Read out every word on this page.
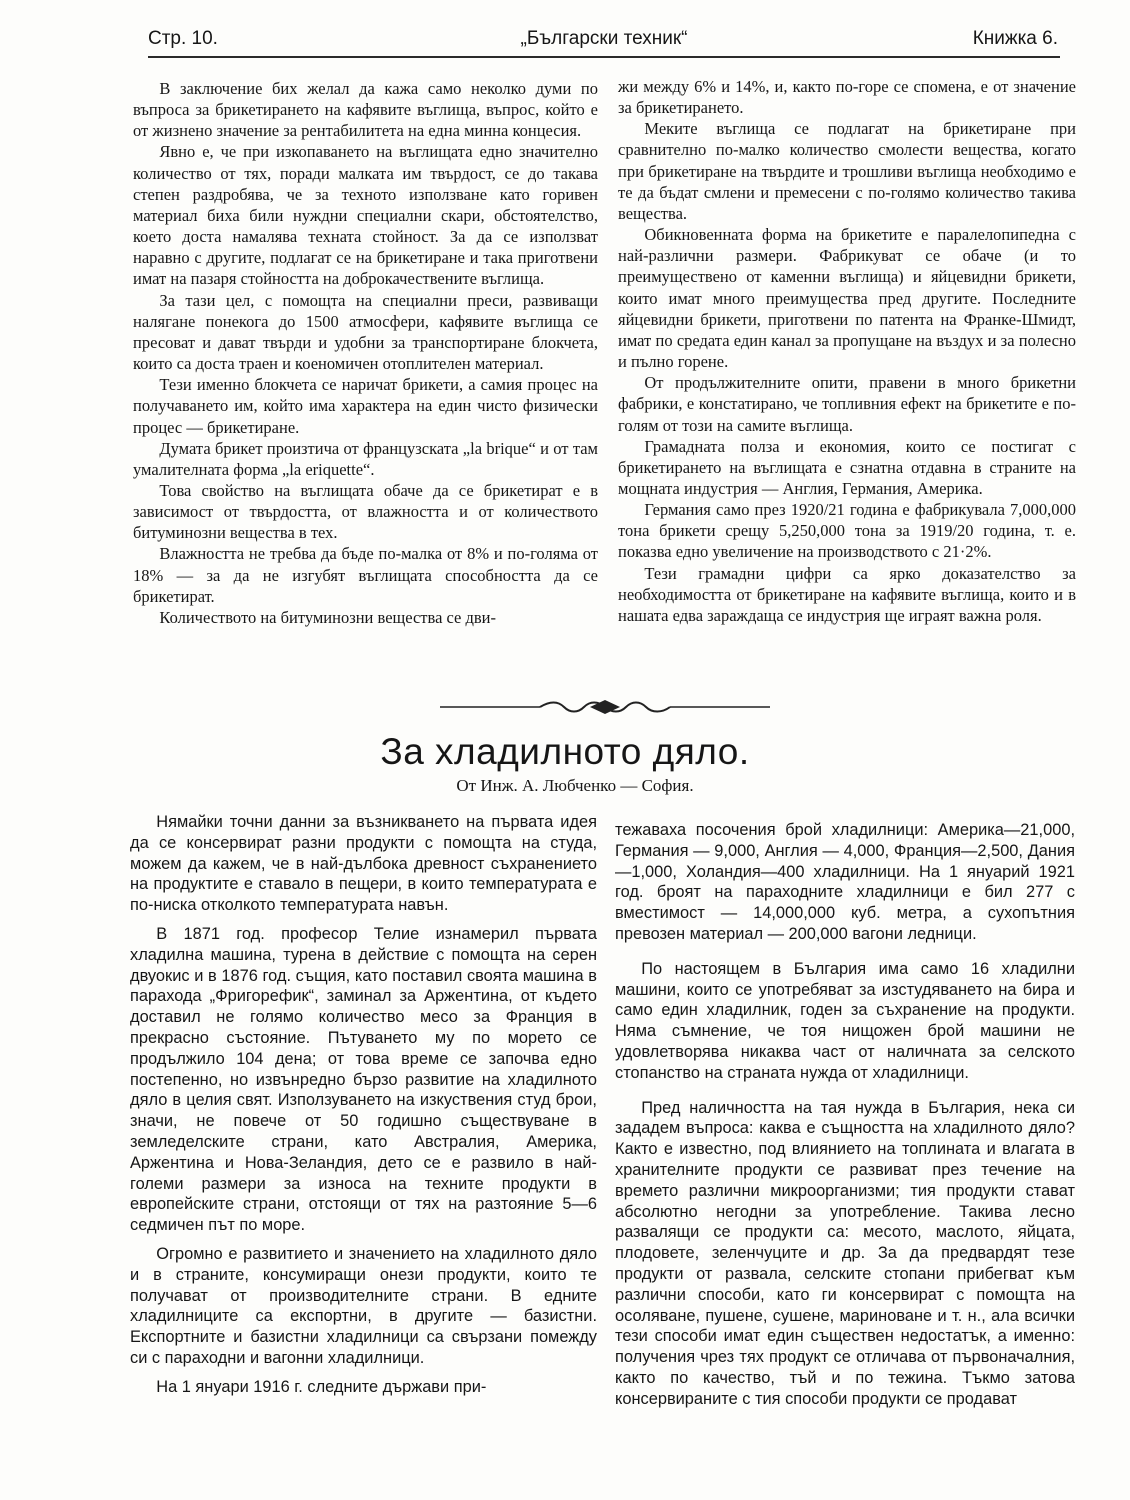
Стр. 10.	„Български техник“	Книжка 6.

В заключение бих желал да кажа само неколко думи по въпроса за брикетирането на кафявите въглища, въпрос, който е от жизнено значение за рентабилитета на една минна концесия.

Явно е, че при изкопаването на въглищата едно значително количество от тях, поради малката им твърдост, се до такава степен раздробява, че за техното използване като горивен материал биха били нуждни специални скари, обстоятелство, което доста намалява техната стойност. За да се използват наравно с другите, подлагат се на брикетиране и така приготвени имат на пазаря стойността на доброкачествените въглища.

За тази цел, с помощта на специални преси, развиващи налягане понекога до 1500 атмосфери, кафявите въглища се пресоват и дават твърди и удобни за транспортиране блокчета, които са доста траен и коеномичен отоплителен материал.

Тези именно блокчета се наричат брикети, а самия процес на получаването им, който има характера на един чисто физически процес — брикетиране.

Думата брикет произтича от французската „la brique“ и от там умалителната форма „la eriquette“.

Това свойство на въглищата обаче да се брикетират е в зависимост от твърдостта, от влажността и от количеството битуминозни вещества в тех.

Влажността не требва да бъде по-малка от 8% и по-голяма от 18% — за да не изгубят въглищата способността да се брикетират.

Количеството на битуминозни вещества се дви-

жи между 6% и 14%, и, както по-горе се спомена, е от значение за брикетирането.

Меките въглища се подлагат на брикетиране при сравнително по-малко количество смолести вещества, когато при брикетиране на твърдите и трошливи въглища необходимо е те да бъдат смлени и премесени с по-голямо количество такива вещества.

Обикновенната форма на брикетите е паралелопипедна с най-различни размери. Фабрикуват се обаче (и то преимуществено от каменни въглища) и яйцевидни брикети, които имат много преимущества пред другите. Последните яйцевидни брикети, приготвени по патента на Франке-Шмидт, имат по средата един канал за пропущане на въздух и за полесно и пълно горене.

От продължителните опити, правени в много брикетни фабрики, е констатирано, че топливния ефект на брикетите е по-голям от този на самите въглища.

Грамадната полза и економия, които се постигат с брикетирането на въглищата е сзнатна отдавна в страните на мощната индустрия — Англия, Германия, Америка.

Германия само през 1920/21 година е фабрикувала 7,000,000 тона брикети срещу 5,250,000 тона за 1919/20 година, т. е. показва едно увеличение на производството с 21·2%.

Тези грамадни цифри са ярко доказателство за необходимостта от брикетиране на кафявите въглища, които и в нашата едва зараждаща се индустрия ще играят важна роля.

За хладилното дяло.
От Инж. А. Любченко — София.

Нямайки точни данни за възникването на първата идея да се консервират разни продукти с помощта на студа, можем да кажем, че в най-дълбока древност съхранението на продуктите е ставало в пещери, в които температурата е по-ниска отколкото температурата навън.

В 1871 год. професор Телие изнамерил първата хладилна машина, турена в действие с помощта на серен двуокис и в 1876 год. същия, като поставил своята машина в парахода „Фригорефик“, заминал за Аржентина, от където доставил не голямо количество месо за Франция в прекрасно състояние. Пътуването му по морето се продължило 104 дена; от това време се започва едно постепенно, но извънредно бързо развитие на хладилното дяло в целия свят. Използуването на изкуствения студ брои, значи, не повече от 50 годишно съществуване в земледелските страни, като Австралия, Америка, Аржентина и Нова-Зеландия, дето се е развило в най-големи размери за износа на техните продукти в европейските страни, отстоящи от тях на разтояние 5—6 седмичен път по море.

Огромно е развитието и значението на хладилното дяло и в страните, консумиращи онези продукти, които те получават от производителните страни. В едните хладилниците са експортни, в другите — базистни. Експортните и базистни хладилници са свързани помежду си с параходни и вагонни хладилници.

На 1 януари 1916 г. следните държави при-

тежаваха посочения брой хладилници: Америка—21,000, Германия — 9,000, Англия — 4,000, Франция—2,500, Дания—1,000, Холандия—400 хладилници. На 1 януарий 1921 год. броят на параходните хладилници е бил 277 с вместимост — 14,000,000 куб. метра, а сухопътния превозен материал — 200,000 вагони ледници.

По настоящем в България има само 16 хладилни машини, които се употребяват за изстудяването на бира и само един хладилник, годен за съхранение на продукти. Няма съмнение, че тоя нищожен брой машини не удовлетворява никаква част от наличната за селското стопанство на страната нужда от хладилници.

Пред наличността на тая нужда в България, нека си зададем въпроса: каква е същността на хладилното дяло? Както е известно, под влиянието на топлината и влагата в хранителните продукти се развиват през течение на времето различни микроорганизми; тия продукти стават абсолютно негодни за употребление. Такива лесно развалящи се продукти са: месото, маслото, яйцата, плодовете, зеленчуците и др. За да предвардят тезе продукти от развала, селските стопани прибегват към различни способи, като ги консервират с помощта на осоляване, пушене, сушене, мариноване и т. н., ала всички тези способи имат един съществен недостатък, а именно: получения чрез тях продукт се отличава от първоначалния, както по качество, тъй и по тежина. Тъкмо затова консервираните с тия способи продукти се продават
